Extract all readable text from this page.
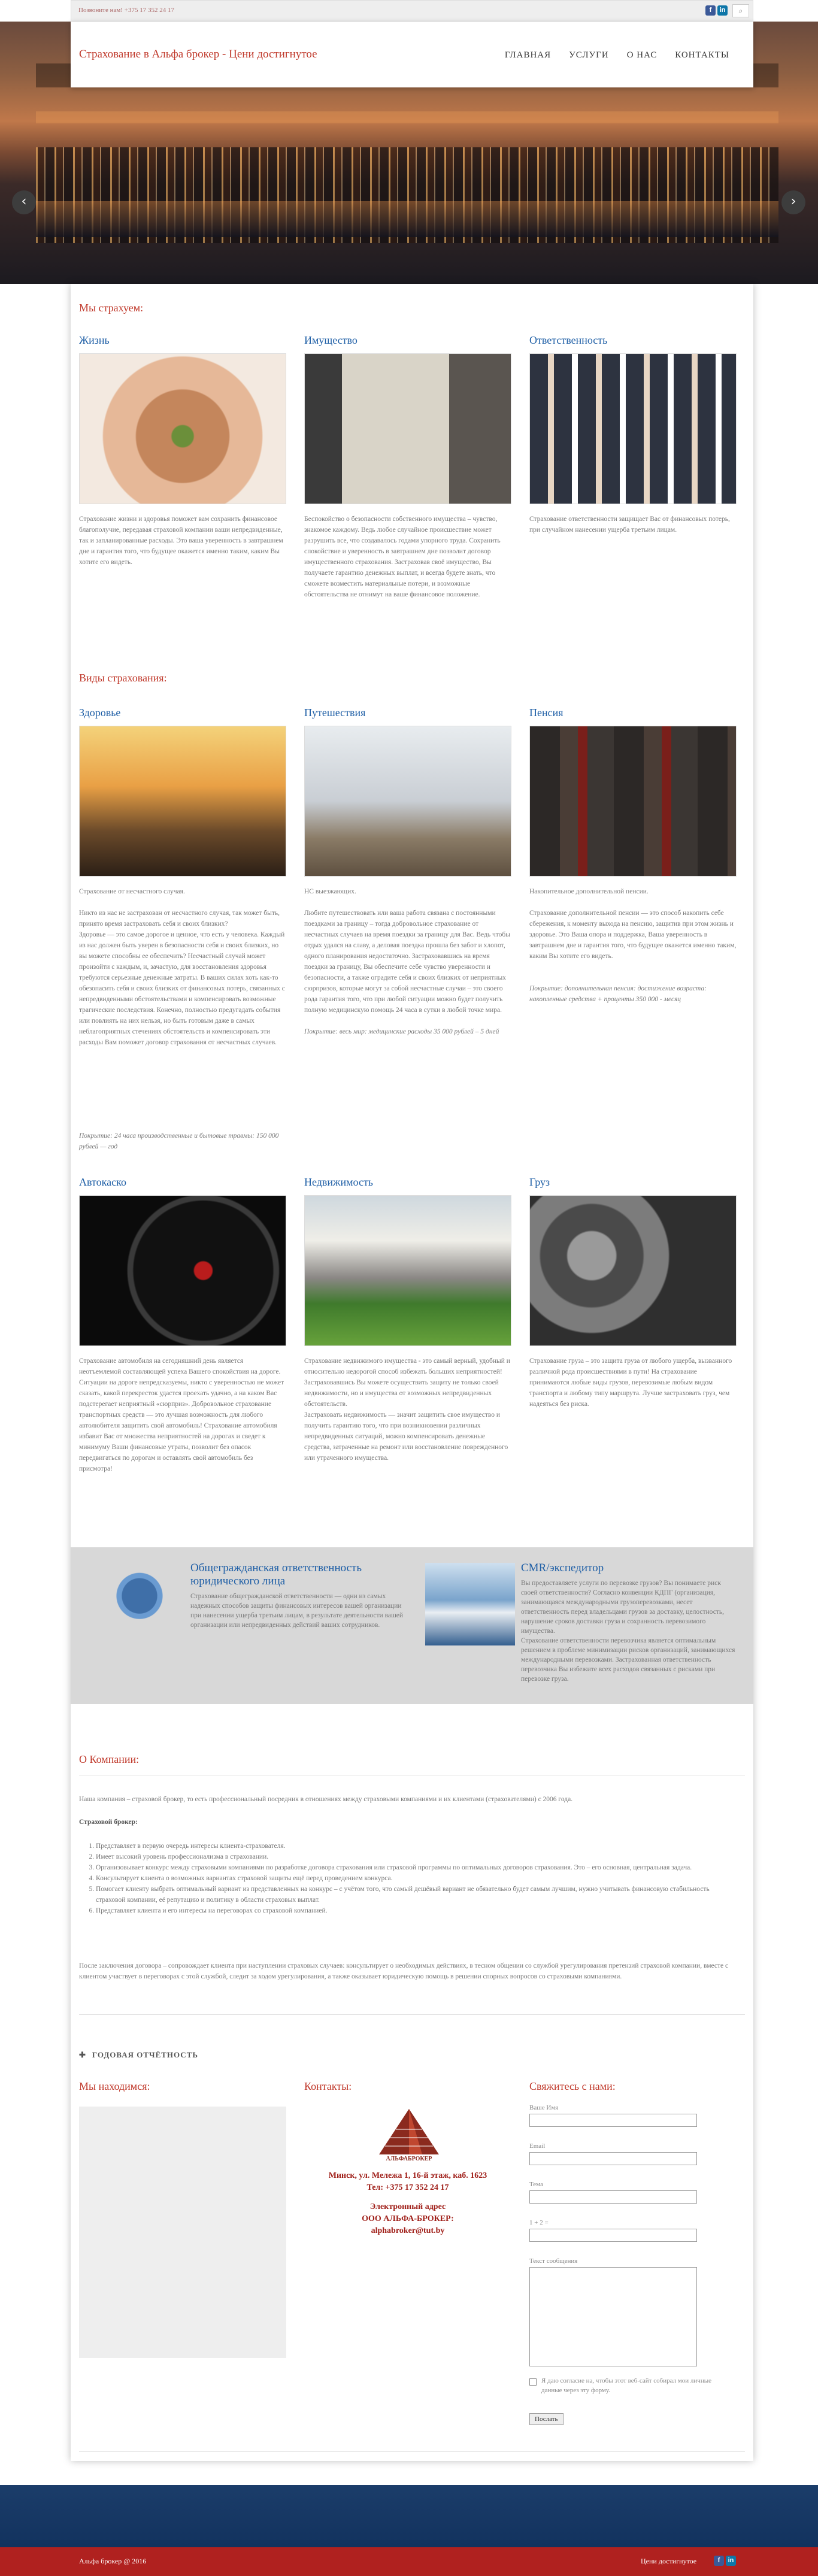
Позвоните нам! +375 17 352 24 17	f	in	⌕
‹	›
Страхование в Альфа брокер - Цени достигнутое	ГЛАВНАЯ УСЛУГИ О НАС КОНТАКТЫ
Мы страхуем:
Жизнь	Имущество	Ответственность
Страхование жизни и здоровья поможет вам сохранить финансовое благополучие, передавая страховой компании ваши непредвиденные, так и запланированные расходы. Это ваша уверенность в завтрашнем дне и гарантия того, что будущее окажется именно таким, каким Вы хотите его видеть.
Беспокойство о безопасности собственного имущества – чувство, знакомое каждому. Ведь любое случайное происшествие может разрушить все, что создавалось годами упорного труда. Сохранить спокойствие и уверенность в завтрашнем дне позволит договор имущественного страхования. Застраховав своё имущество, Вы получаете гарантию денежных выплат, и всегда будете знать, что сможете возместить материальные потери, и возможные обстоятельства не отнимут на ваше финансовое положение.
Страхование ответственности защищает Вас от финансовых потерь, при случайном нанесении ущерба третьим лицам.
Виды страхования:
Здоровье	Путешествия	Пенсия
Страхование от несчастного случая.

Никто из нас не застрахован от несчастного случая, так может быть, принято время застраховать себя и своих близких?
Здоровье — это самое дорогое и ценное, что есть у человека. Каждый из нас должен быть уверен в безопасности себя и своих близких, но вы можете способны ее обеспечить? Несчастный случай может произойти с каждым, и, зачастую, для восстановления здоровья требуются серьезные денежные затраты. В ваших силах хоть как-то обезопасить себя и своих близких от финансовых потерь, связанных с непредвиденными обстоятельствами и компенсировать возможные трагические последствия. Конечно, полностью предугадать события или повлиять на них нельзя, но быть готовым даже в самых неблагоприятных стечениях обстоятельств и компенсировать эти расходы Вам поможет договор страхования от несчастных случаев.
Покрытие: 24 часа производственные и бытовые травмы: 150 000 рублей — год
НС выезжающих.

Любите путешествовать или ваша работа связана с постоянными поездками за границу – тогда добровольное страхование от несчастных случаев на время поездки за границу для Вас. Ведь чтобы отдых удался на славу, а деловая поездка прошла без забот и хлопот, одного планирования недостаточно. Застраховавшись на время поездки за границу, Вы обеспечите себе чувство уверенности и безопасности, а также оградите себя и своих близких от неприятных сюрпризов, которые могут за собой несчастные случаи – это своего рода гарантия того, что при любой ситуации можно будет получить полную медицинскую помощь 24 часа в сутки в любой точке мира.
Покрытие: весь мир: медицинские расходы 35 000 рублей – 5 дней
Накопительное дополнительной пенсии.

Страхование дополнительной пенсии — это способ накопить себе сбережения, к моменту выхода на пенсию, защитив при этом жизнь и здоровье. Это Ваша опора и поддержка, Ваша уверенность в завтрашнем дне и гарантия того, что будущее окажется именно таким, каким Вы хотите его видеть.
Покрытие: дополнительная пенсия: достижение возраста: накопленные средства + проценты 350 000 - месяц
Автокаско	Недвижимость	Груз
Страхование автомобиля на сегодняшний день является неотъемлемой составляющей успеха Вашего спокойствия на дороге. Ситуации на дороге непредсказуемы, никто с уверенностью не может сказать, какой перекресток удастся проехать удачно, а на каком Вас подстерегает неприятный «сюрприз». Добровольное страхование транспортных средств — это лучшая возможность для любого автолюбителя защитить свой автомобиль! Страхование автомобиля избавит Вас от множества неприятностей на дорогах и сведет к минимуму Ваши финансовые утраты, позволит без опасок передвигаться по дорогам и оставлять свой автомобиль без присмотра!
Страхование недвижимого имущества - это самый верный, удобный и относительно недорогой способ избежать больших неприятностей! Застраховавшись Вы можете осуществить защиту не только своей недвижимости, но и имущества от возможных непредвиденных обстоятельств.
Застраховать недвижимость — значит защитить свое имущество и получить гарантию того, что при возникновении различных непредвиденных ситуаций, можно компенсировать денежные средства, затраченные на ремонт или восстановление поврежденного или утраченного имущества.
Страхование груза – это защита груза от любого ущерба, вызванного различной рода происшествиями в пути! На страхование принимаются любые виды грузов, перевозимые любым видом транспорта и любому типу маршрута. Лучше застраховать груз, чем надеяться без риска.
О Компании:
Наша компания – страховой брокер, то есть профессиональный посредник в отношениях между страховыми компаниями и их клиентами (страхователями) с 2006 года.
Страховой брокер:
1. Представляет в первую очередь интересы клиента-страхователя.
2. Имеет высокий уровень профессионализма в страховании.
3. Организовывает конкурс между страховыми компаниями по разработке договора страхования или страховой программы по оптимальных договоров страхования. Это – его основная, центральная задача.
4. Консультирует клиента о возможных вариантах страховой защиты ещё перед проведением конкурса.
5. Помогает клиенту выбрать оптимальный вариант из представленных на конкурс – с учётом того, что самый дешёвый вариант не обязательно будет самым лучшим, нужно учитывать финансовую стабильность страховой компании, её репутацию и политику в области страховых выплат.
6. Представляет клиента и его интересы на переговорах со страховой компанией.
После заключения договора – сопровождает клиента при наступлении страховых случаев: консультирует о необходимых действиях, в тесном общении со службой урегулирования претензий страховой компании, вместе с клиентом участвует в переговорах с этой службой, следит за ходом урегулирования, а также оказывает юридическую помощь в решении спорных вопросов со страховыми компаниями.
✚ ГОДОВАЯ ОТЧЁТНОСТЬ
Мы находимся:	Контакты:
АЛЬФАБРОКЕР
Минск, ул. Мележа 1, 16-й этаж, каб. 1623
Тел: +375 17 352 24 17
Электронный адрес
ООО АЛЬФА-БРОКЕР:
alphabroker@tut.by
Свяжитесь с нами:
Ваше Имя
Email
Тема
1 + 2 =
Текст сообщения
Я даю согласие на, чтобы этот веб-сайт собирал мои личные данные через эту форму.
Послать
Общегражданская ответственность юридического лица
Страхование общегражданской ответственности — одни из самых надежных способов защиты финансовых интересов вашей организации при нанесении ущерба третьим лицам, в результате деятельности вашей организации или непредвиденных действий ваших сотрудников.
CMR/экспедитор
Вы предоставляете услуги по перевозке грузов? Вы понимаете риск своей ответственности? Согласно конвенции КДПГ (организация, занимающаяся международными грузоперевозками, несет ответственность перед владельцами грузов за доставку, целостность, нарушение сроков доставки груза и сохранность перевозимого имущества.
Страхование ответственности перевозчика является оптимальным решением в проблеме минимизации рисков организаций, занимающихся международными перевозками. Застрахованная ответственность перевозчика Вы избежите всех расходов связанных с рисками при перевозке груза.
Альфа брокер @ 2016	Цени достигнутое	f	in
